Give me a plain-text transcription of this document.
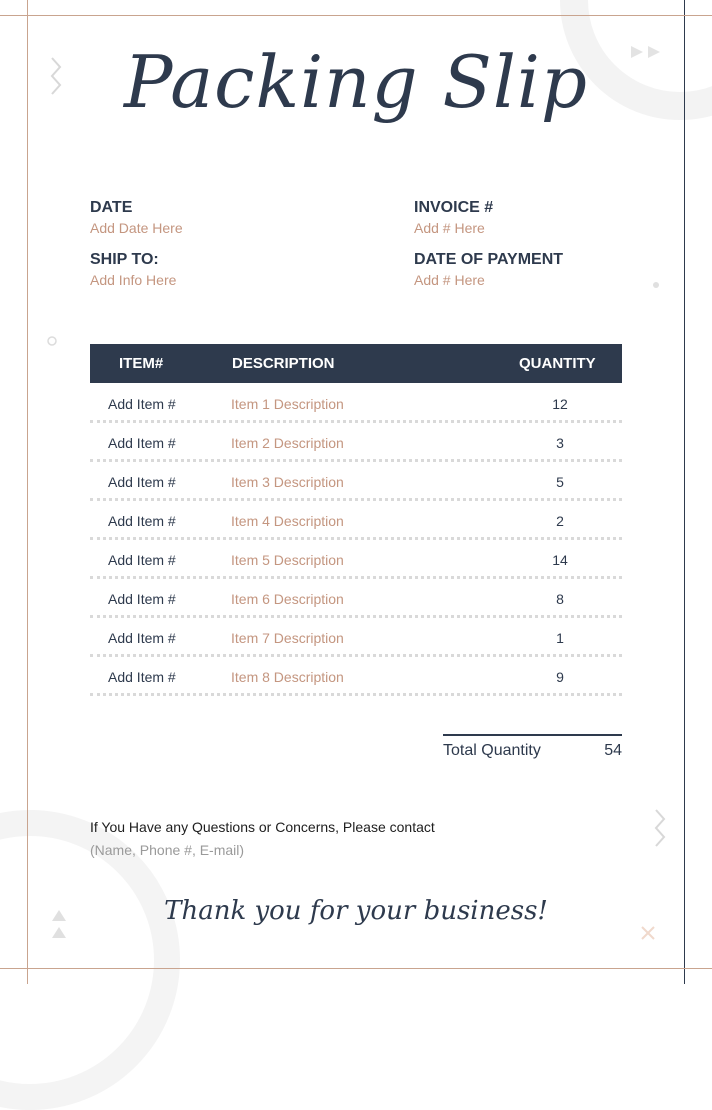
Packing Slip
DATE
Add Date Here
INVOICE #
Add # Here
SHIP TO:
Add Info Here
DATE OF PAYMENT
Add # Here
ITEM#	DESCRIPTION	QUANTITY
Add Item #	Item 1 Description	12
Add Item #	Item 2 Description	3
Add Item #	Item 3 Description	5
Add Item #	Item 4 Description	2
Add Item #	Item 5 Description	14
Add Item #	Item 6 Description	8
Add Item #	Item 7 Description	1
Add Item #	Item 8 Description	9
Total Quantity	54
If You Have any Questions or Concerns, Please contact
(Name, Phone #, E-mail)
Thank you for your business!
